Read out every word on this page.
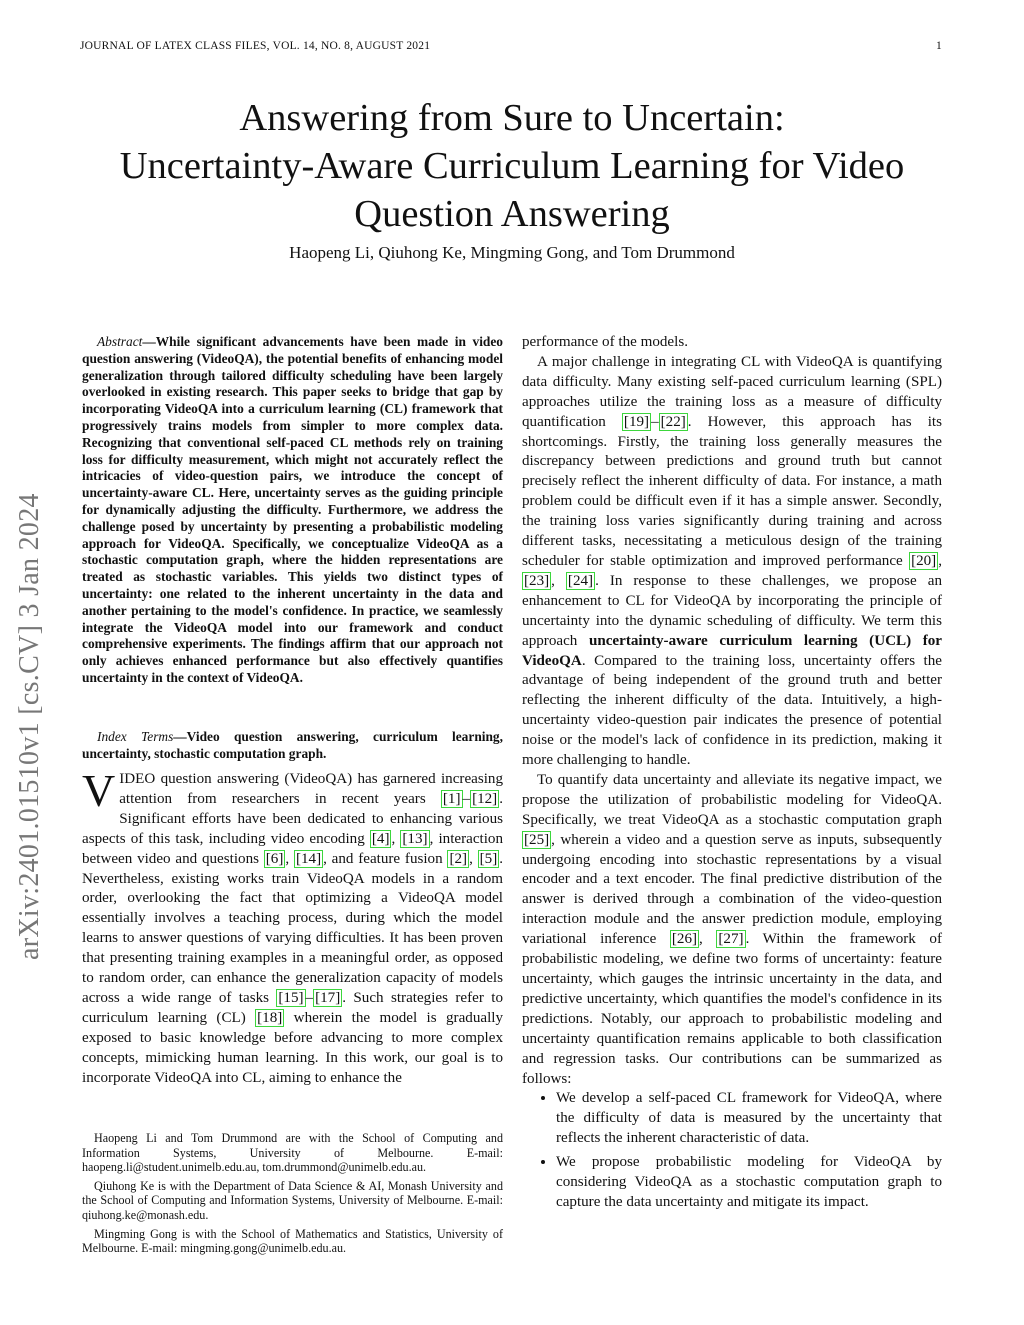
JOURNAL OF LATEX CLASS FILES, VOL. 14, NO. 8, AUGUST 2021	1
Answering from Sure to Uncertain:
Uncertainty-Aware Curriculum Learning for Video
Question Answering
Haopeng Li, Qiuhong Ke, Mingming Gong, and Tom Drummond
arXiv:2401.01510v1 [cs.CV] 3 Jan 2024

Abstract—While significant advancements have been made in video question answering (VideoQA), the potential benefits of enhancing model generalization through tailored difficulty scheduling have been largely overlooked in existing research. This paper seeks to bridge that gap by incorporating VideoQA into a curriculum learning (CL) framework that progressively trains models from simpler to more complex data. Recognizing that conventional self-paced CL methods rely on training loss for difficulty measurement, which might not accurately reflect the intricacies of video-question pairs, we introduce the concept of uncertainty-aware CL. Here, uncertainty serves as the guiding principle for dynamically adjusting the difficulty. Furthermore, we address the challenge posed by uncertainty by presenting a probabilistic modeling approach for VideoQA. Specifically, we conceptualize VideoQA as a stochastic computation graph, where the hidden representations are treated as stochastic variables. This yields two distinct types of uncertainty: one related to the inherent uncertainty in the data and another pertaining to the model's confidence. In practice, we seamlessly integrate the VideoQA model into our framework and conduct comprehensive experiments. The findings affirm that our approach not only achieves enhanced performance but also effectively quantifies uncertainty in the context of VideoQA.

Index Terms—Video question answering, curriculum learning, uncertainty, stochastic computation graph.

VIDEO question answering (VideoQA) has garnered increasing attention from researchers in recent years [1] – [12] . Significant efforts have been dedicated to enhancing various aspects of this task, including video encoding [4] , [13] , interaction between video and questions [6] , [14] , and feature fusion [2] , [5] . Nevertheless, existing works train VideoQA models in a random order, overlooking the fact that optimizing a VideoQA model essentially involves a teaching process, during which the model learns to answer questions of varying difficulties. It has been proven that presenting training examples in a meaningful order, as opposed to random order, can enhance the generalization capacity of models across a wide range of tasks [15] – [17] . Such strategies refer to curriculum learning (CL) [18] wherein the model is gradually exposed to basic knowledge before advancing to more complex concepts, mimicking human learning. In this work, our goal is to incorporate VideoQA into CL, aiming to enhance the

Haopeng Li and Tom Drummond are with the School of Computing and Information Systems, University of Melbourne. E-mail: haopeng.li@student.unimelb.edu.au, tom.drummond@unimelb.edu.au.

Qiuhong Ke is with the Department of Data Science & AI, Monash University and the School of Computing and Information Systems, University of Melbourne. E-mail: qiuhong.ke@monash.edu.

Mingming Gong is with the School of Mathematics and Statistics, University of Melbourne. E-mail: mingming.gong@unimelb.edu.au.

performance of the models.

A major challenge in integrating CL with VideoQA is quantifying data difficulty. Many existing self-paced curriculum learning (SPL) approaches utilize the training loss as a measure of difficulty quantification [19] – [22] . However, this approach has its shortcomings. Firstly, the training loss generally measures the discrepancy between predictions and ground truth but cannot precisely reflect the inherent difficulty of data. For instance, a math problem could be difficult even if it has a simple answer. Secondly, the training loss varies significantly during training and across different tasks, necessitating a meticulous design of the training scheduler for stable optimization and improved performance [20] , [23] , [24] . In response to these challenges, we propose an enhancement to CL for VideoQA by incorporating the principle of uncertainty into the dynamic scheduling of difficulty. We term this approach uncertainty-aware curriculum learning (UCL) for VideoQA. Compared to the training loss, uncertainty offers the advantage of being independent of the ground truth and better reflecting the inherent difficulty of the data. Intuitively, a high-uncertainty video-question pair indicates the presence of potential noise or the model's lack of confidence in its prediction, making it more challenging to handle.

To quantify data uncertainty and alleviate its negative impact, we propose the utilization of probabilistic modeling for VideoQA. Specifically, we treat VideoQA as a stochastic computation graph [25] , wherein a video and a question serve as inputs, subsequently undergoing encoding into stochastic representations by a visual encoder and a text encoder. The final predictive distribution of the answer is derived through a combination of the video-question interaction module and the answer prediction module, employing variational inference [26] , [27] . Within the framework of probabilistic modeling, we define two forms of uncertainty: feature uncertainty, which gauges the intrinsic uncertainty in the data, and predictive uncertainty, which quantifies the model's confidence in its predictions. Notably, our approach to probabilistic modeling and uncertainty quantification remains applicable to both classification and regression tasks. Our contributions can be summarized as follows:

• We develop a self-paced CL framework for VideoQA, where the difficulty of data is measured by the uncertainty that reflects the inherent characteristic of data.
• We propose probabilistic modeling for VideoQA by considering VideoQA as a stochastic computation graph to capture the data uncertainty and mitigate its impact.
